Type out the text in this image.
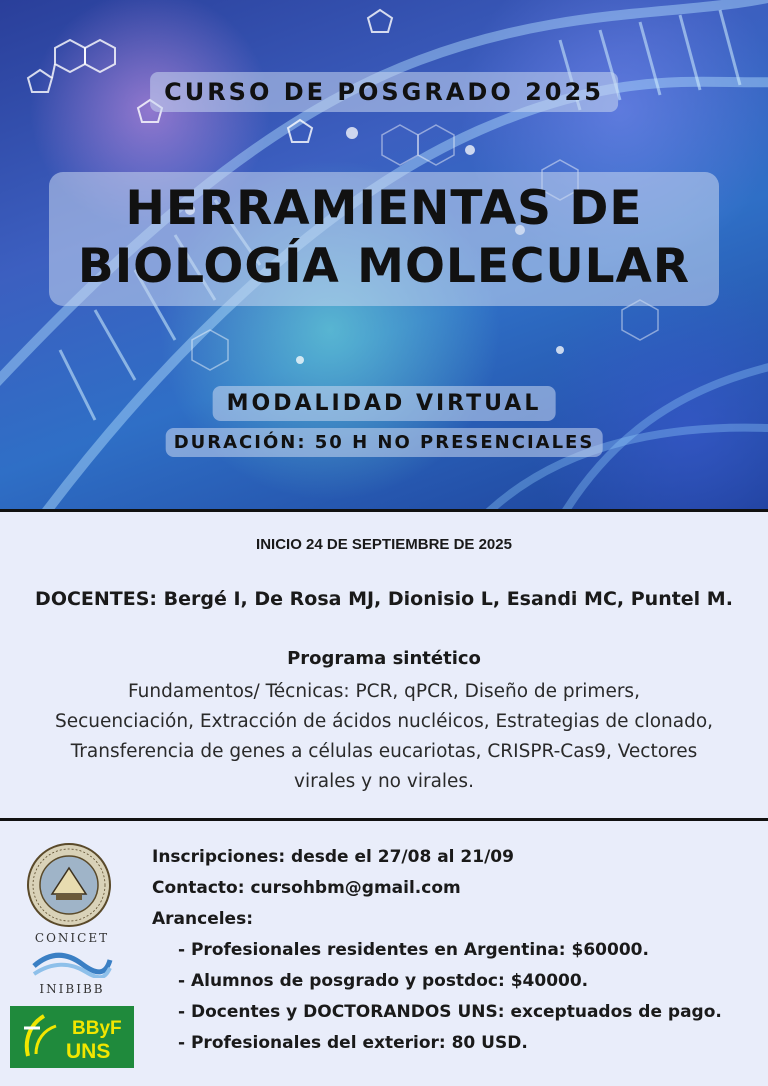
CURSO DE POSGRADO 2025
HERRAMIENTAS DE
BIOLOGÍA MOLECULAR
MODALIDAD VIRTUAL
DURACIÓN: 50 H NO PRESENCIALES
INICIO 24 DE SEPTIEMBRE DE 2025
DOCENTES: Bergé I, De Rosa MJ, Dionisio L, Esandi MC, Puntel M.
Programa sintético
Fundamentos/ Técnicas: PCR, qPCR, Diseño de primers,
Secuenciación, Extracción de ácidos nucléicos, Estrategias de clonado,
Transferencia de genes a células eucariotas, CRISPR-Cas9, Vectores
virales y no virales.
CONICET
INIBIBB
BByF
UNS
Inscripciones: desde el 27/08 al 21/09
Contacto: cursohbm@gmail.com
Aranceles:
- Profesionales residentes en Argentina: $60000.
- Alumnos de posgrado y postdoc: $40000.
- Docentes y DOCTORANDOS UNS: exceptuados de pago.
- Profesionales del exterior: 80 USD.
